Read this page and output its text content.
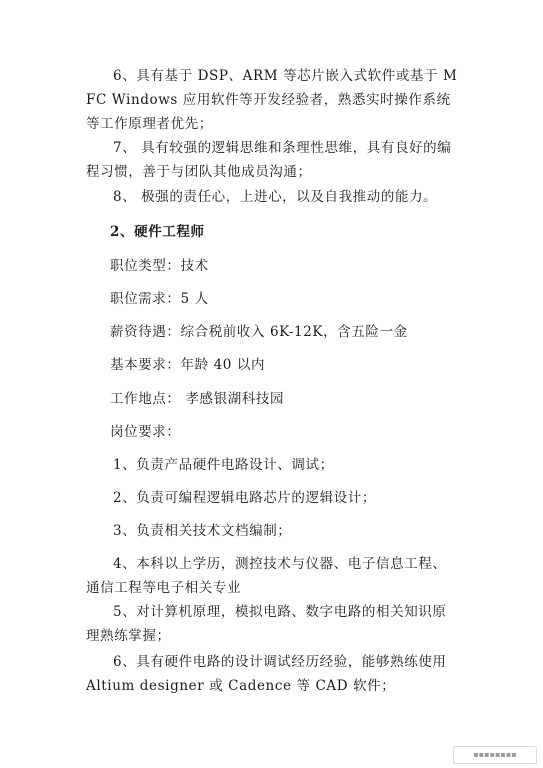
6、具有基于 DSP、ARM 等芯片嵌入式软件或基于 MFC Windows 应用软件等开发经验者，熟悉实时操作系统等工作原理者优先；

7、 具有较强的逻辑思维和条理性思维，具有良好的编程习惯，善于与团队其他成员沟通；

8、 极强的责任心，上进心，以及自我推动的能力。

2、硬件工程师

职位类型：技术

职位需求：5 人

薪资待遇：综合税前收入 6K-12K，含五险一金

基本要求：年龄 40 以内

工作地点： 孝感银湖科技园

岗位要求：

1、负责产品硬件电路设计、调试；

2、负责可编程逻辑电路芯片的逻辑设计；

3、负责相关技术文档编制；

4、本科以上学历，测控技术与仪器、电子信息工程、通信工程等电子相关专业

5、对计算机原理，模拟电路、数字电路的相关知识原理熟练掌握；

6、具有硬件电路的设计调试经历经验，能够熟练使用 Altium designer 或 Cadence 等 CAD 软件；

▪▪▪▪▪▪▪▪
